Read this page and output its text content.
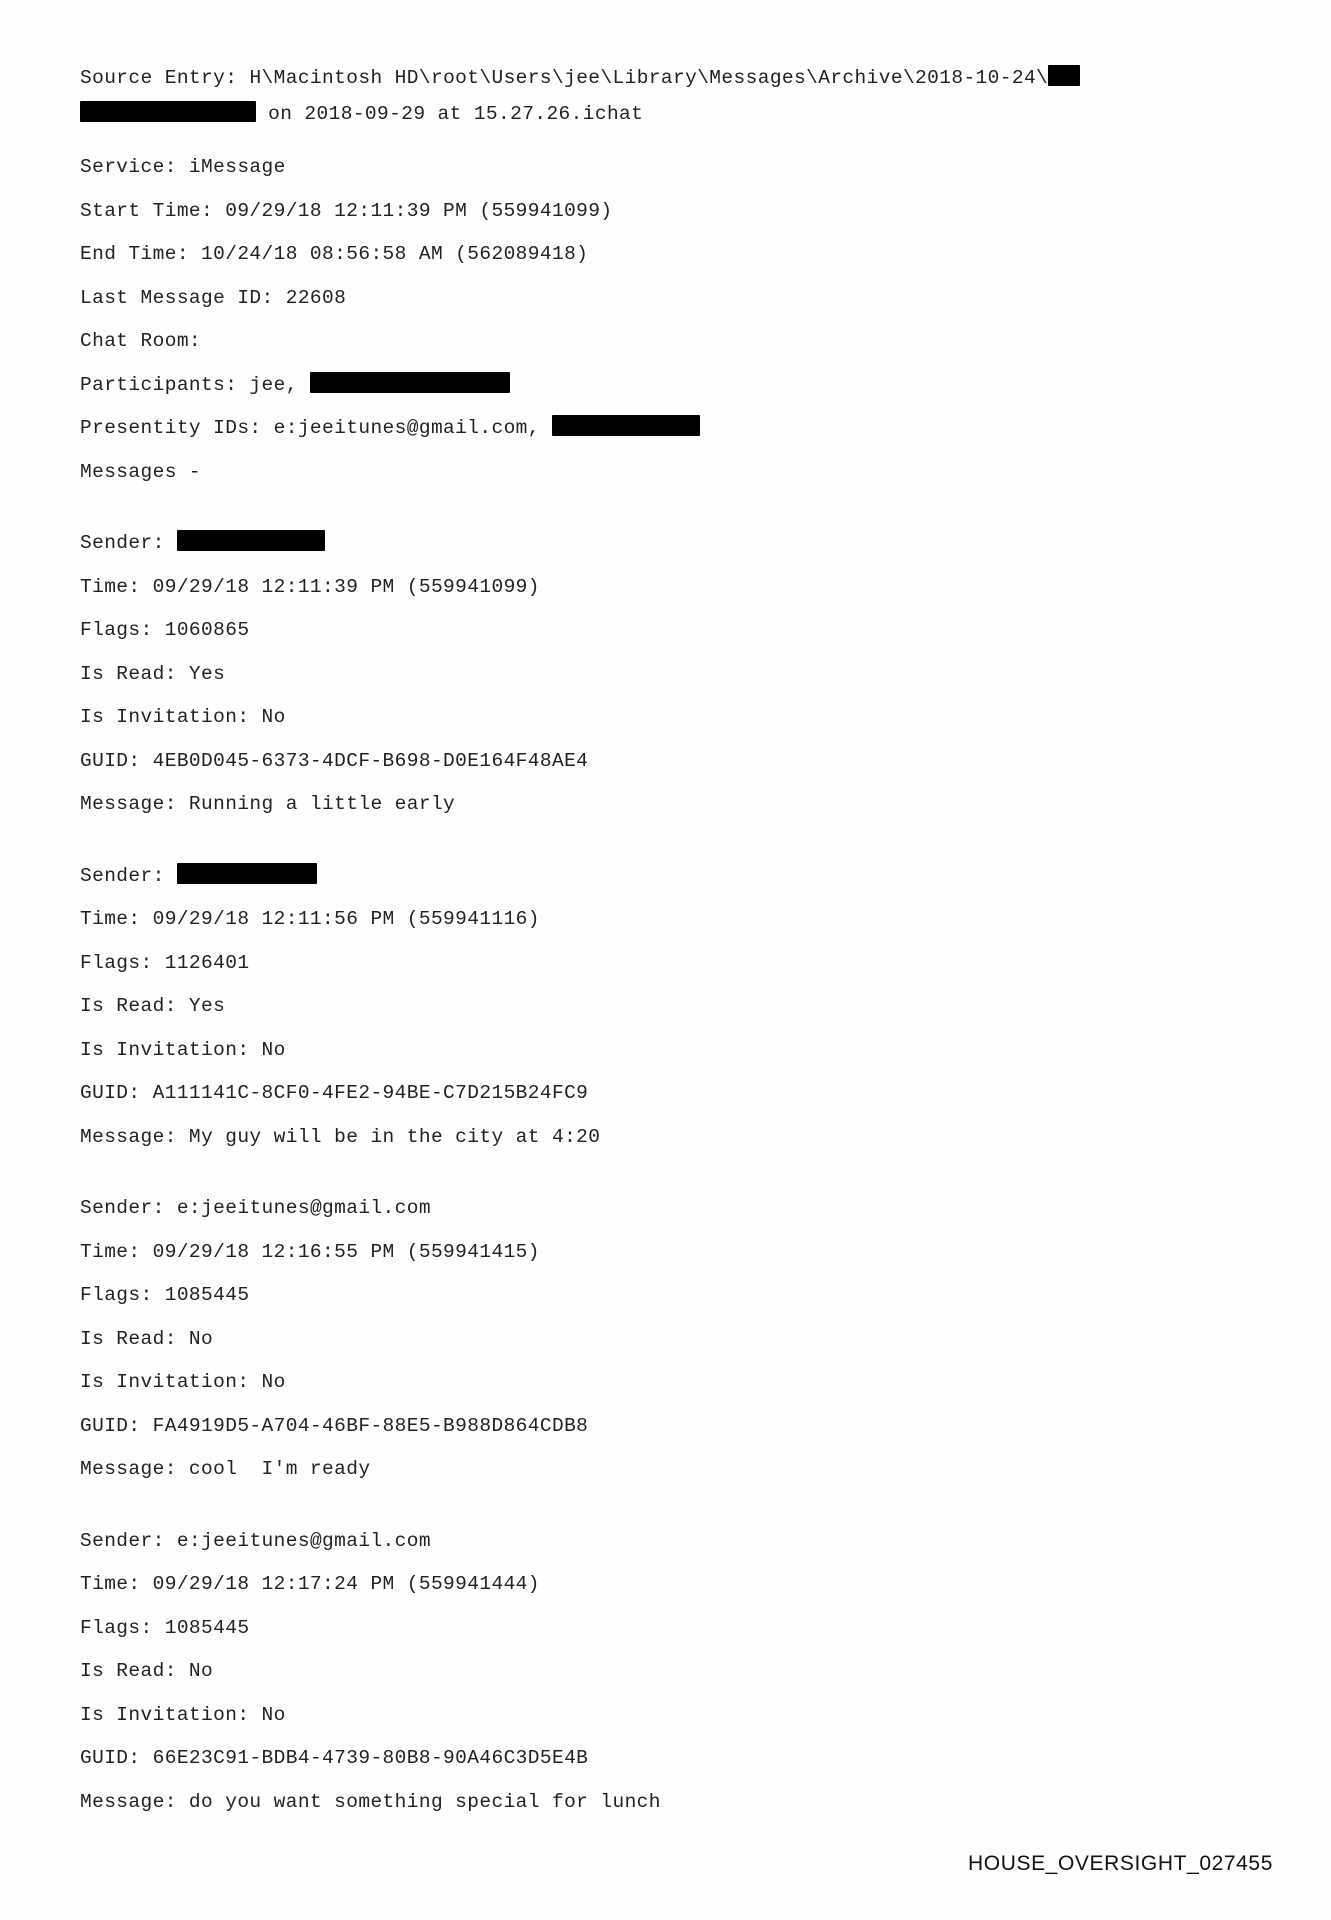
Source Entry: H\Macintosh HD\root\Users\jee\Library\Messages\Archive\2018-10-24\
on 2018-09-29 at 15.27.26.ichat
Service: iMessage
Start Time: 09/29/18 12:11:39 PM (559941099)
End Time: 10/24/18 08:56:58 AM (562089418)
Last Message ID: 22608
Chat Room:
Participants: jee,
Presentity IDs: e:jeeitunes@gmail.com,
Messages -
Sender:
Time: 09/29/18 12:11:39 PM (559941099)
Flags: 1060865
Is Read: Yes
Is Invitation: No
GUID: 4EB0D045-6373-4DCF-B698-D0E164F48AE4
Message: Running a little early
Sender:
Time: 09/29/18 12:11:56 PM (559941116)
Flags: 1126401
Is Read: Yes
Is Invitation: No
GUID: A111141C-8CF0-4FE2-94BE-C7D215B24FC9
Message: My guy will be in the city at 4:20
Sender: e:jeeitunes@gmail.com
Time: 09/29/18 12:16:55 PM (559941415)
Flags: 1085445
Is Read: No
Is Invitation: No
GUID: FA4919D5-A704-46BF-88E5-B988D864CDB8
Message: cool  I'm ready
Sender: e:jeeitunes@gmail.com
Time: 09/29/18 12:17:24 PM (559941444)
Flags: 1085445
Is Read: No
Is Invitation: No
GUID: 66E23C91-BDB4-4739-80B8-90A46C3D5E4B
Message: do you want something special for lunch
HOUSE_OVERSIGHT_027455
